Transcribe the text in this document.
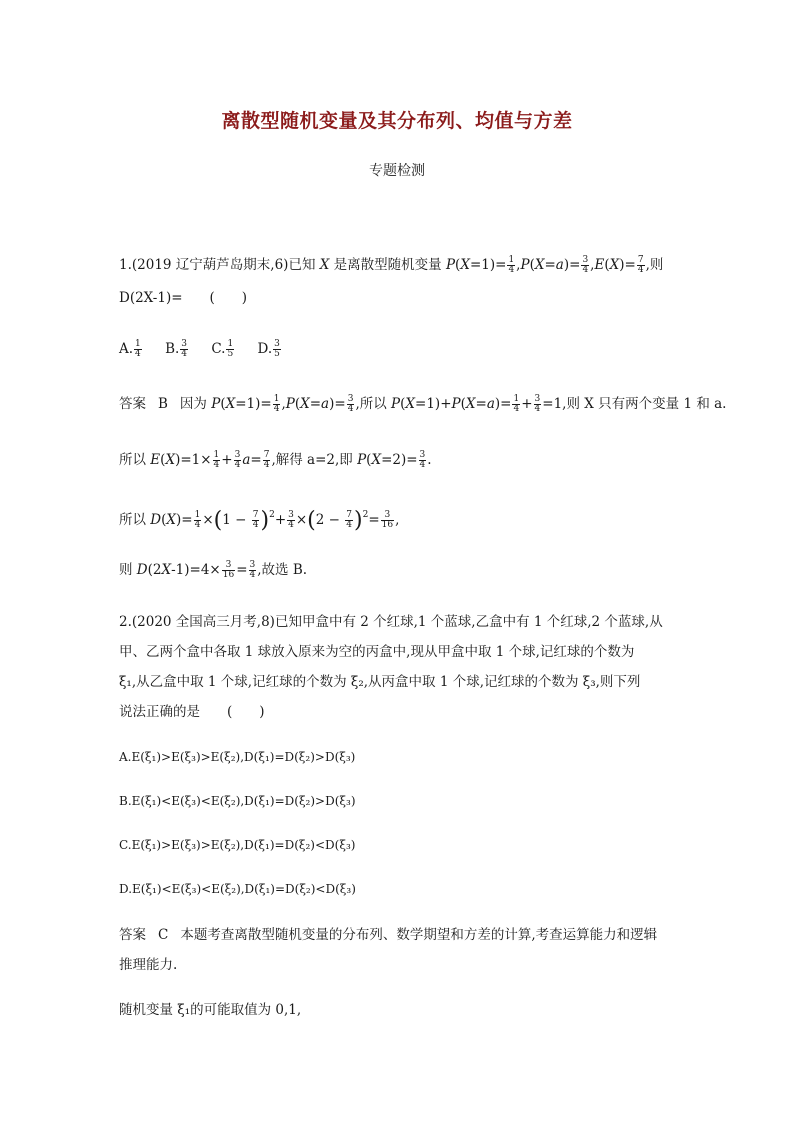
离散型随机变量及其分布列、均值与方差
专题检测
1.(2019 辽宁葫芦岛期末,6)已知 X 是离散型随机变量 $P(X=1)= \frac{1}{4} ,P(X=a)= \frac{3}{4} ,E(X)= \frac{7}{4}$ ,则
D(2X-1)=　　(　　)
A. $\frac{1}{4} B$. $\frac{3}{4} C$. $\frac{1}{5} D$. $\frac{3}{5}$
答案 B 因为 $P(X=1)= \frac{1}{4} ,P(X=a)= \frac{3}{4}$ ,所以 $P(X=1)+P(X=a)= \frac{1}{4} + \frac{3}{4} =1$,则 X 只有两个变量 1 和 a.
所以 $E(X)=1\times \frac{1}{4} + \frac{3}{4} a= \frac{7}{4}$ ,解得 a=2,即 $P(X=2)= \frac{3}{4}$ .
所以 $D(X)= \frac{1}{4} \times(1 - \frac{7}{4} )^2+ \frac{3}{4} \times(2 - \frac{7}{4} )^2= \frac{3}{16}$ ,
则 $D(2X-1)=4\times \frac{3}{16} = \frac{3}{4}$ ,故选 B.
2.(2020 全国高三月考,8)已知甲盒中有 2 个红球,1 个蓝球,乙盒中有 1 个红球,2 个蓝球,从
甲、乙两个盒中各取 1 球放入原来为空的丙盒中,现从甲盒中取 1 个球,记红球的个数为
ξ₁,从乙盒中取 1 个球,记红球的个数为 ξ₂,从丙盒中取 1 个球,记红球的个数为 ξ₃,则下列
说法正确的是　　(　　)
A.E(ξ₁)>E(ξ₃)>E(ξ₂),D(ξ₁)=D(ξ₂)>D(ξ₃)
B.E(ξ₁)<E(ξ₃)<E(ξ₂),D(ξ₁)=D(ξ₂)>D(ξ₃)
C.E(ξ₁)>E(ξ₃)>E(ξ₂),D(ξ₁)=D(ξ₂)<D(ξ₃)
D.E(ξ₁)<E(ξ₃)<E(ξ₂),D(ξ₁)=D(ξ₂)<D(ξ₃)
答案 C 本题考查离散型随机变量的分布列、数学期望和方差的计算,考查运算能力和逻辑
推理能力.
随机变量 ξ₁的可能取值为 0,1,
